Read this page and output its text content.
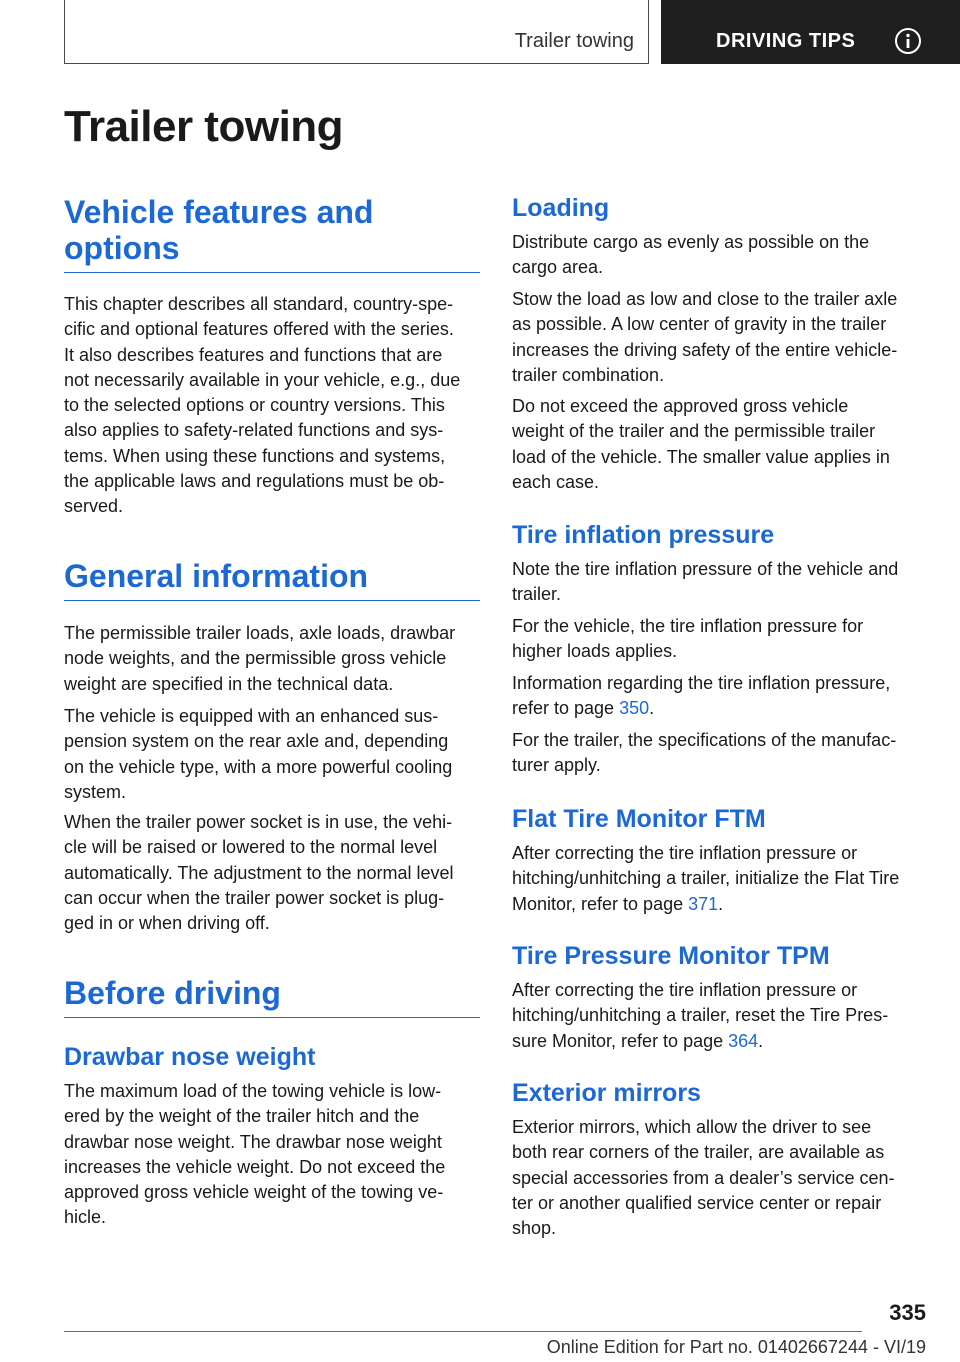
Trailer towing	DRIVING TIPS
Trailer towing
Vehicle features and options

This chapter describes all standard, country-spe-
cific and optional features offered with the series.
It also describes features and functions that are
not necessarily available in your vehicle, e.g., due
to the selected options or country versions. This
also applies to safety-related functions and sys-
tems. When using these functions and systems,
the applicable laws and regulations must be ob-
served.

General information

The permissible trailer loads, axle loads, drawbar
node weights, and the permissible gross vehicle
weight are specified in the technical data.

The vehicle is equipped with an enhanced sus-
pension system on the rear axle and, depending
on the vehicle type, with a more powerful cooling
system.

When the trailer power socket is in use, the vehi-
cle will be raised or lowered to the normal level
automatically. The adjustment to the normal level
can occur when the trailer power socket is plug-
ged in or when driving off.

Before driving
Drawbar nose weight

The maximum load of the towing vehicle is low-
ered by the weight of the trailer hitch and the
drawbar nose weight. The drawbar nose weight
increases the vehicle weight. Do not exceed the
approved gross vehicle weight of the towing ve-
hicle.

Loading

Distribute cargo as evenly as possible on the
cargo area.

Stow the load as low and close to the trailer axle
as possible. A low center of gravity in the trailer
increases the driving safety of the entire vehicle-
trailer combination.

Do not exceed the approved gross vehicle
weight of the trailer and the permissible trailer
load of the vehicle. The smaller value applies in
each case.

Tire inflation pressure

Note the tire inflation pressure of the vehicle and
trailer.

For the vehicle, the tire inflation pressure for
higher loads applies.

Information regarding the tire inflation pressure,
refer to page 350.

For the trailer, the specifications of the manufac-
turer apply.

Flat Tire Monitor FTM

After correcting the tire inflation pressure or
hitching/unhitching a trailer, initialize the Flat Tire
Monitor, refer to page 371.

Tire Pressure Monitor TPM

After correcting the tire inflation pressure or
hitching/unhitching a trailer, reset the Tire Pres-
sure Monitor, refer to page 364.

Exterior mirrors

Exterior mirrors, which allow the driver to see
both rear corners of the trailer, are available as
special accessories from a dealer’s service cen-
ter or another qualified service center or repair
shop.

335
Online Edition for Part no. 01402667244 - VI/19
